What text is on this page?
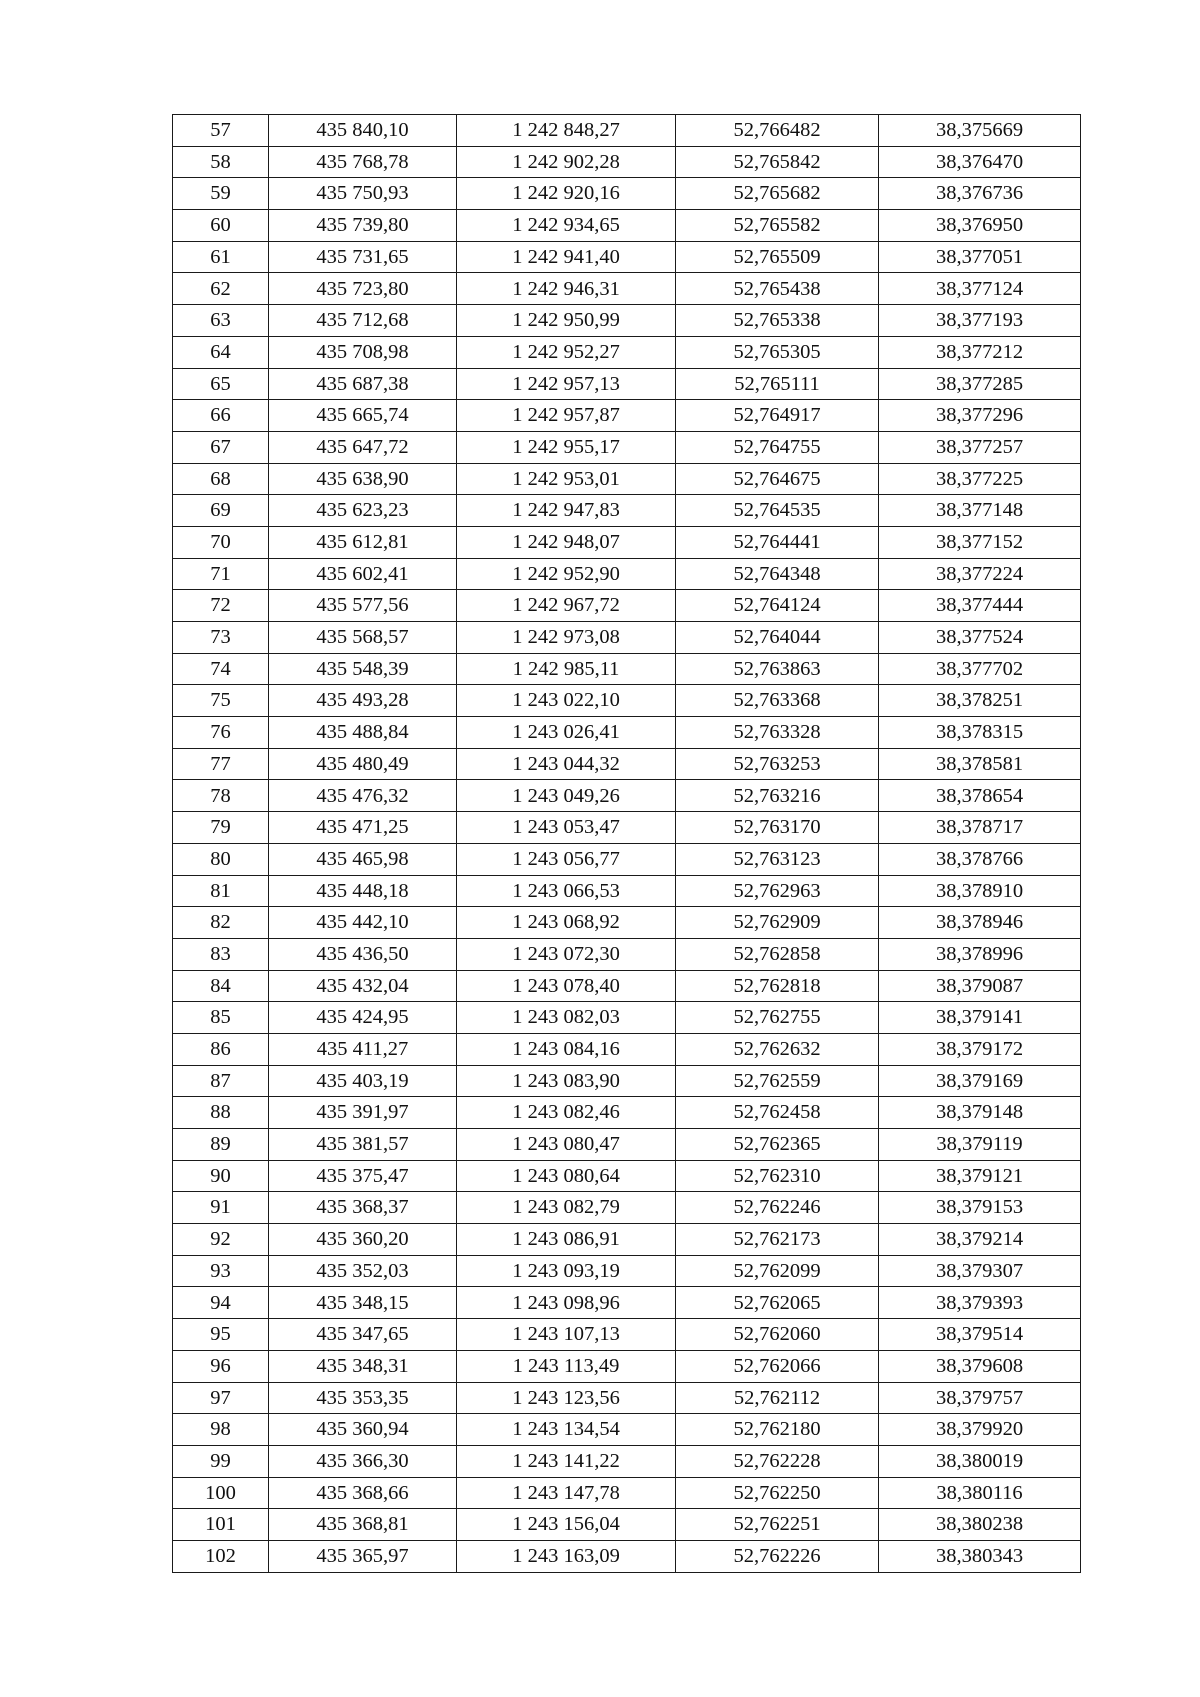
57	435 840,10	1 242 848,27	52,766482	38,375669
58	435 768,78	1 242 902,28	52,765842	38,376470
59	435 750,93	1 242 920,16	52,765682	38,376736
60	435 739,80	1 242 934,65	52,765582	38,376950
61	435 731,65	1 242 941,40	52,765509	38,377051
62	435 723,80	1 242 946,31	52,765438	38,377124
63	435 712,68	1 242 950,99	52,765338	38,377193
64	435 708,98	1 242 952,27	52,765305	38,377212
65	435 687,38	1 242 957,13	52,765111	38,377285
66	435 665,74	1 242 957,87	52,764917	38,377296
67	435 647,72	1 242 955,17	52,764755	38,377257
68	435 638,90	1 242 953,01	52,764675	38,377225
69	435 623,23	1 242 947,83	52,764535	38,377148
70	435 612,81	1 242 948,07	52,764441	38,377152
71	435 602,41	1 242 952,90	52,764348	38,377224
72	435 577,56	1 242 967,72	52,764124	38,377444
73	435 568,57	1 242 973,08	52,764044	38,377524
74	435 548,39	1 242 985,11	52,763863	38,377702
75	435 493,28	1 243 022,10	52,763368	38,378251
76	435 488,84	1 243 026,41	52,763328	38,378315
77	435 480,49	1 243 044,32	52,763253	38,378581
78	435 476,32	1 243 049,26	52,763216	38,378654
79	435 471,25	1 243 053,47	52,763170	38,378717
80	435 465,98	1 243 056,77	52,763123	38,378766
81	435 448,18	1 243 066,53	52,762963	38,378910
82	435 442,10	1 243 068,92	52,762909	38,378946
83	435 436,50	1 243 072,30	52,762858	38,378996
84	435 432,04	1 243 078,40	52,762818	38,379087
85	435 424,95	1 243 082,03	52,762755	38,379141
86	435 411,27	1 243 084,16	52,762632	38,379172
87	435 403,19	1 243 083,90	52,762559	38,379169
88	435 391,97	1 243 082,46	52,762458	38,379148
89	435 381,57	1 243 080,47	52,762365	38,379119
90	435 375,47	1 243 080,64	52,762310	38,379121
91	435 368,37	1 243 082,79	52,762246	38,379153
92	435 360,20	1 243 086,91	52,762173	38,379214
93	435 352,03	1 243 093,19	52,762099	38,379307
94	435 348,15	1 243 098,96	52,762065	38,379393
95	435 347,65	1 243 107,13	52,762060	38,379514
96	435 348,31	1 243 113,49	52,762066	38,379608
97	435 353,35	1 243 123,56	52,762112	38,379757
98	435 360,94	1 243 134,54	52,762180	38,379920
99	435 366,30	1 243 141,22	52,762228	38,380019
100	435 368,66	1 243 147,78	52,762250	38,380116
101	435 368,81	1 243 156,04	52,762251	38,380238
102	435 365,97	1 243 163,09	52,762226	38,380343
